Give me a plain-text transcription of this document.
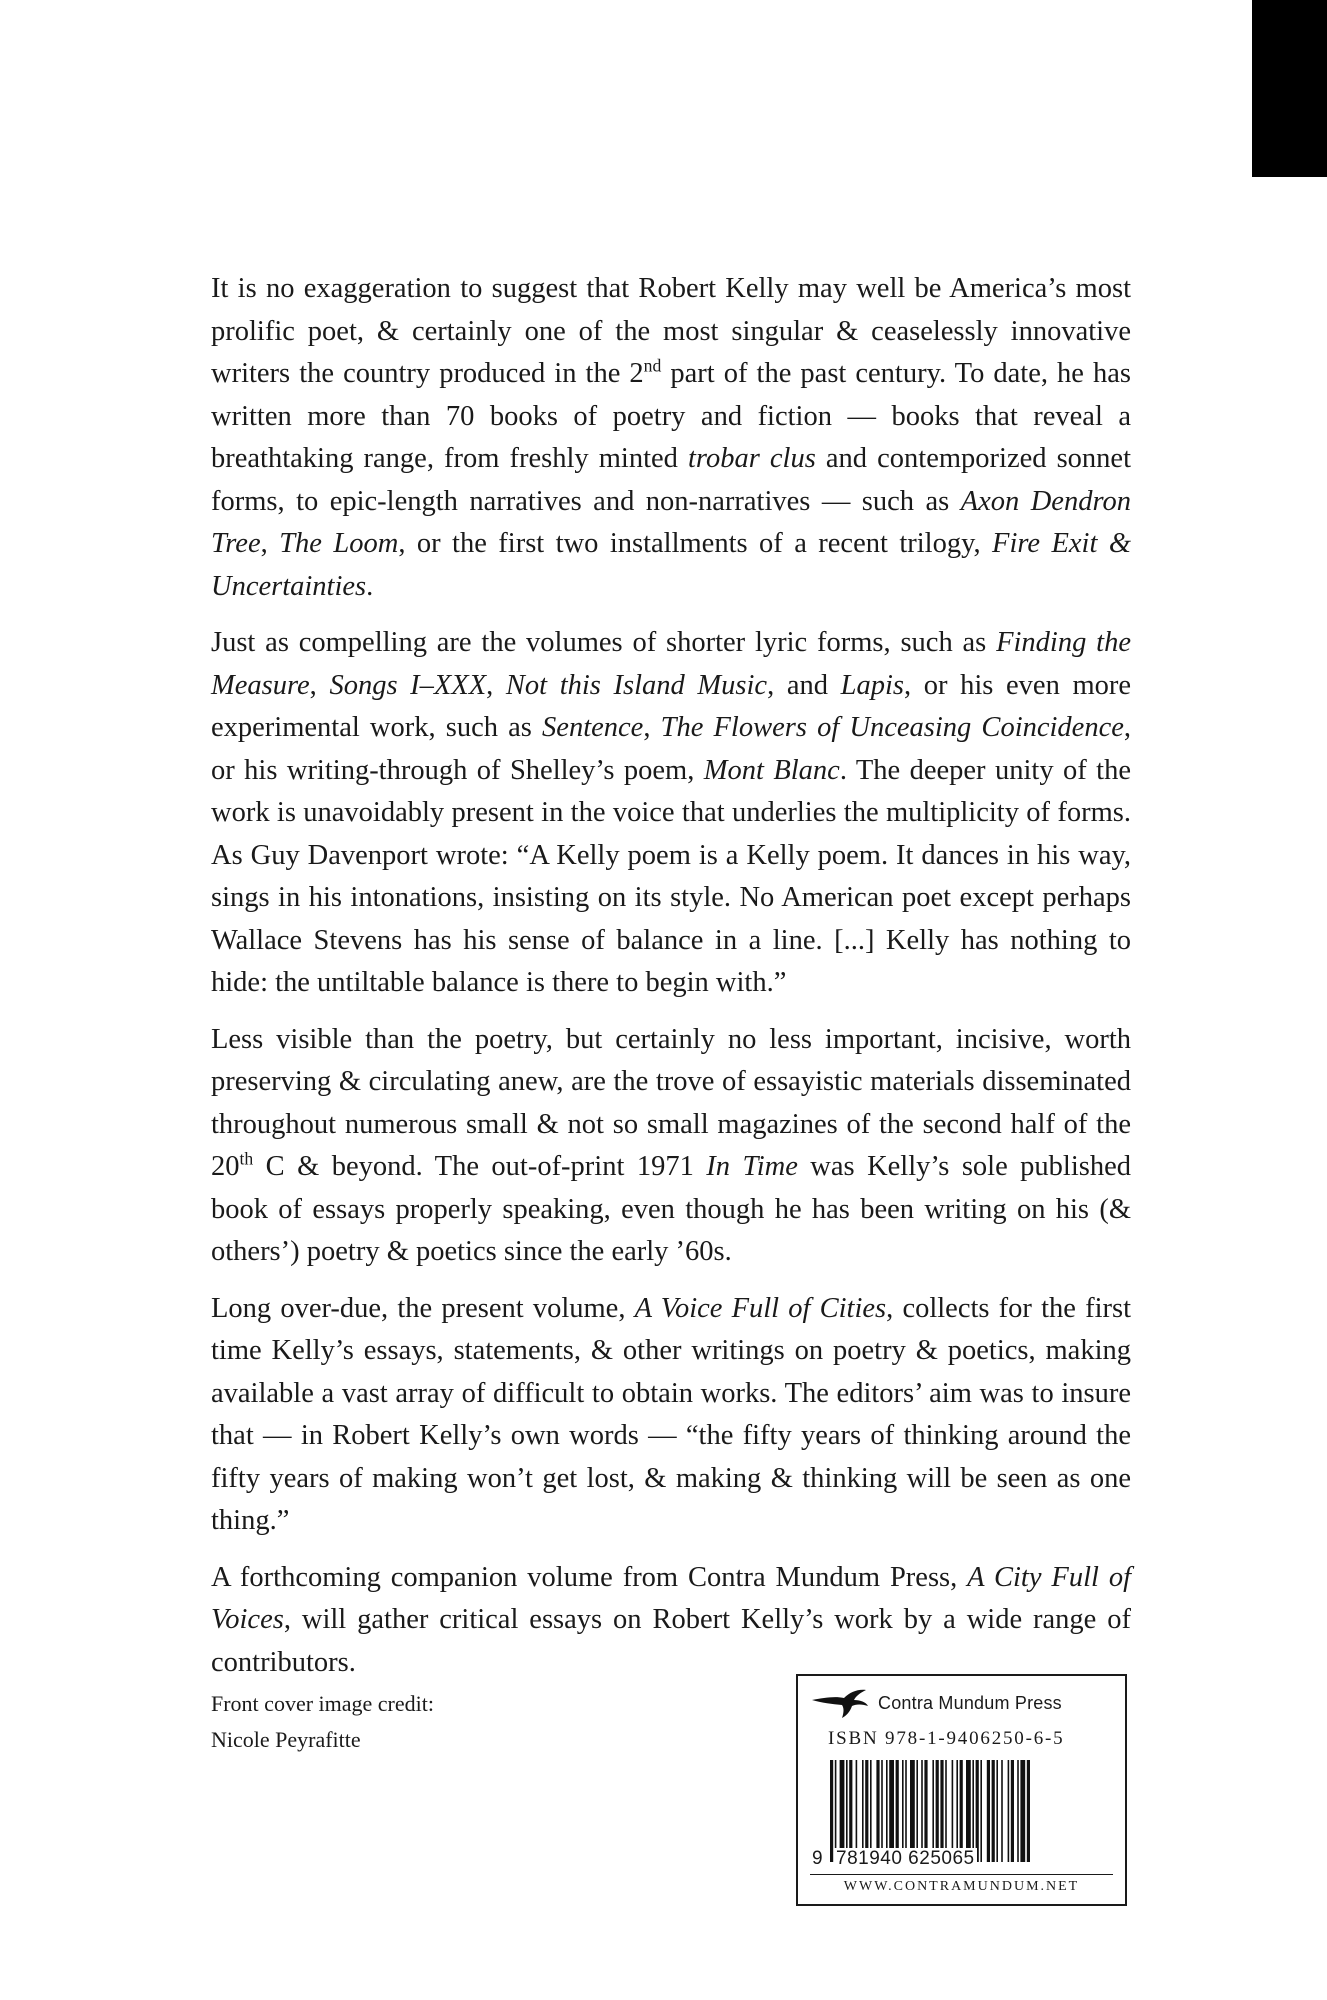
It is no exaggeration to suggest that Robert Kelly may well be America’s most prolific poet, & certainly one of the most singular & ceaselessly innovative writers the country produced in the 2nd part of the past century. To date, he has written more than 70 books of poetry and fiction — books that reveal a breathtaking range, from freshly minted trobar clus and contemporized sonnet forms, to epic-length narratives and non-narratives — such as Axon Dendron Tree, The Loom, or the first two installments of a recent trilogy, Fire Exit & Uncertainties.

Just as compelling are the volumes of shorter lyric forms, such as Finding the Measure, Songs I–XXX, Not this Island Music, and Lapis, or his even more experimental work, such as Sentence, The Flowers of Unceasing Coincidence, or his writing-through of Shelley’s poem, Mont Blanc. The deeper unity of the work is unavoidably present in the voice that underlies the multiplicity of forms. As Guy Davenport wrote: “A Kelly poem is a Kelly poem. It dances in his way, sings in his intonations, insisting on its style. No American poet except perhaps Wallace Stevens has his sense of balance in a line. [...] Kelly has nothing to hide: the untiltable balance is there to begin with.”

Less visible than the poetry, but certainly no less important, incisive, worth preserving & circulating anew, are the trove of essayistic materials disseminated throughout numerous small & not so small magazines of the second half of the 20th C & beyond. The out-of-print 1971 In Time was Kelly’s sole published book of essays properly speaking, even though he has been writing on his (& others’) poetry & poetics since the early ’60s.

Long over-due, the present volume, A Voice Full of Cities, collects for the first time Kelly’s essays, statements, & other writings on poetry & poetics, making available a vast array of difficult to obtain works. The editors’ aim was to insure that — in Robert Kelly’s own words — “the fifty years of thinking around the fifty years of making won’t get lost, & making & thinking will be seen as one thing.”

A forthcoming companion volume from Contra Mundum Press, A City Full of Voices, will gather critical essays on Robert Kelly’s work by a wide range of contributors.

Front cover image credit:
Nicole Peyrafitte
Contra Mundum Press
ISBN 978-1-9406250-6-5
9 781940 625065
WWW.CONTRAMUNDUM.NET
